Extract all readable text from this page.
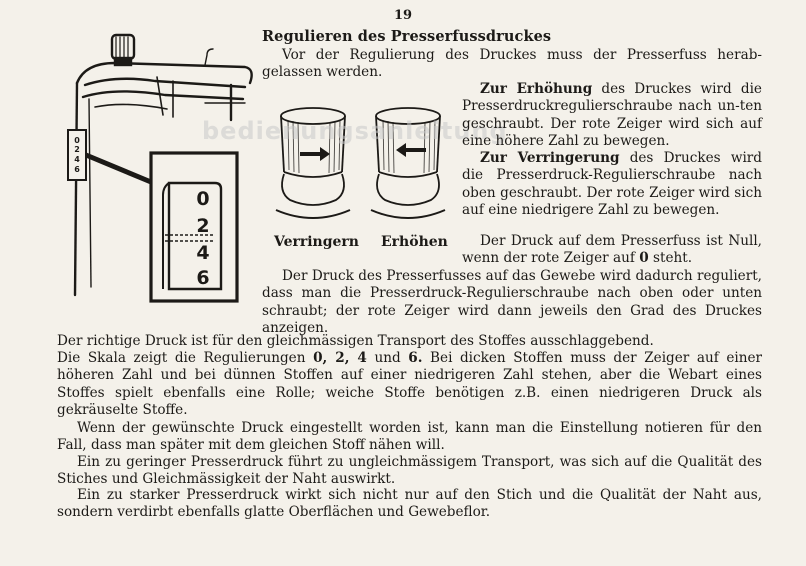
19
Regulieren des Presserfussdruckes
0
2
4
6
0
2
4
6
bedienungsanleitung
Verringern Erhöhen
Vor der Regulierung des Druckes muss der Presserfuss herab-gelassen werden.
Zur Erhöhung des Druckes wird die Presserdruckregulierschraube nach un-ten geschraubt. Der rote Zeiger wird sich auf eine höhere Zahl zu bewegen.
Zur Verringerung des Druckes wird die Presserdruck-Regulierschraube nach oben geschraubt. Der rote Zeiger wird sich auf eine niedrigere Zahl zu bewegen.
Der Druck auf dem Presserfuss ist Null, wenn der rote Zeiger auf 0 steht.
Der Druck des Presserfusses auf das Gewebe wird dadurch reguliert, dass man die Presserdruck-Regulierschraube nach oben oder unten schraubt; der rote Zeiger wird dann jeweils den Grad des Druckes anzeigen.
Der richtige Druck ist für den gleichmässigen Transport des Stoffes ausschlaggebend.
Die Skala zeigt die Regulierungen 0, 2, 4 und 6. Bei dicken Stoffen muss der Zeiger auf einer höheren Zahl und bei dünnen Stoffen auf einer niedrigeren Zahl stehen, aber die Webart eines Stoffes spielt ebenfalls eine Rolle; weiche Stoffe benötigen z.B. einen niedrigeren Druck als gekräuselte Stoffe.
Wenn der gewünschte Druck eingestellt worden ist, kann man die Einstellung notieren für den Fall, dass man später mit dem gleichen Stoff nähen will.
Ein zu geringer Presserdruck führt zu ungleichmässigem Transport, was sich auf die Qualität des Stiches und Gleichmässigkeit der Naht auswirkt.
Ein zu starker Presserdruck wirkt sich nicht nur auf den Stich und die Qualität der Naht aus, sondern verdirbt ebenfalls glatte Oberflächen und Gewebeflor.
